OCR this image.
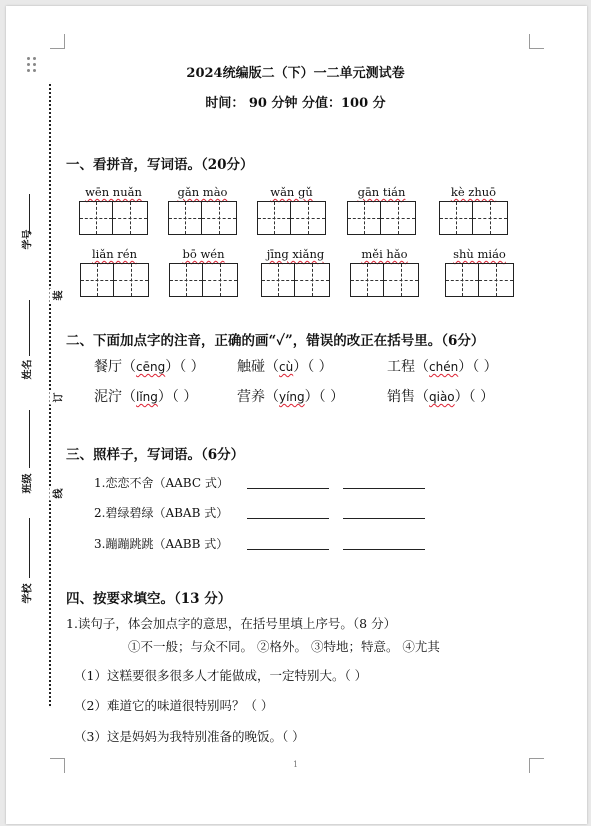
学号
姓名
班级
学校
装
订
线
2024统编版二（下）一二单元测试卷
时间： 90 分钟 分值：100 分
一、看拼音，写词语。（20分）
wēn nuǎn	gǎn mào	wǎn gǔ	gān tián	kè zhuō
liǎn rén	bō wén	jīng xiǎng	měi hǎo	shù miáo
二、下面加点字的注音，正确的画“✓”，错误的改正在括号里。（6分）
餐厅（cēng）（ ） 触碰（cù）（ ）	工程（chén）（ ）
泥泞（lǐng）（ ）	营养（yíng）（ ）	销售（qiào）（ ）
三、照样子，写词语。（6分）
1.恋恋不舍（AABC 式）
2.碧绿碧绿（ABAB 式）
3.蹦蹦跳跳（AABB 式）
四、按要求填空。（13 分）
1.读句子，体会加点字的意思，在括号里填上序号。（8 分）
①不一般；与众不同。 ②格外。 ③特地；特意。 ④尤其
（1）这糕要很多很多人才能做成，一定特别大。（ ）
（2）难道它的味道很特别吗？（ ）
（3）这是妈妈为我特别准备的晚饭。（ ）
1
